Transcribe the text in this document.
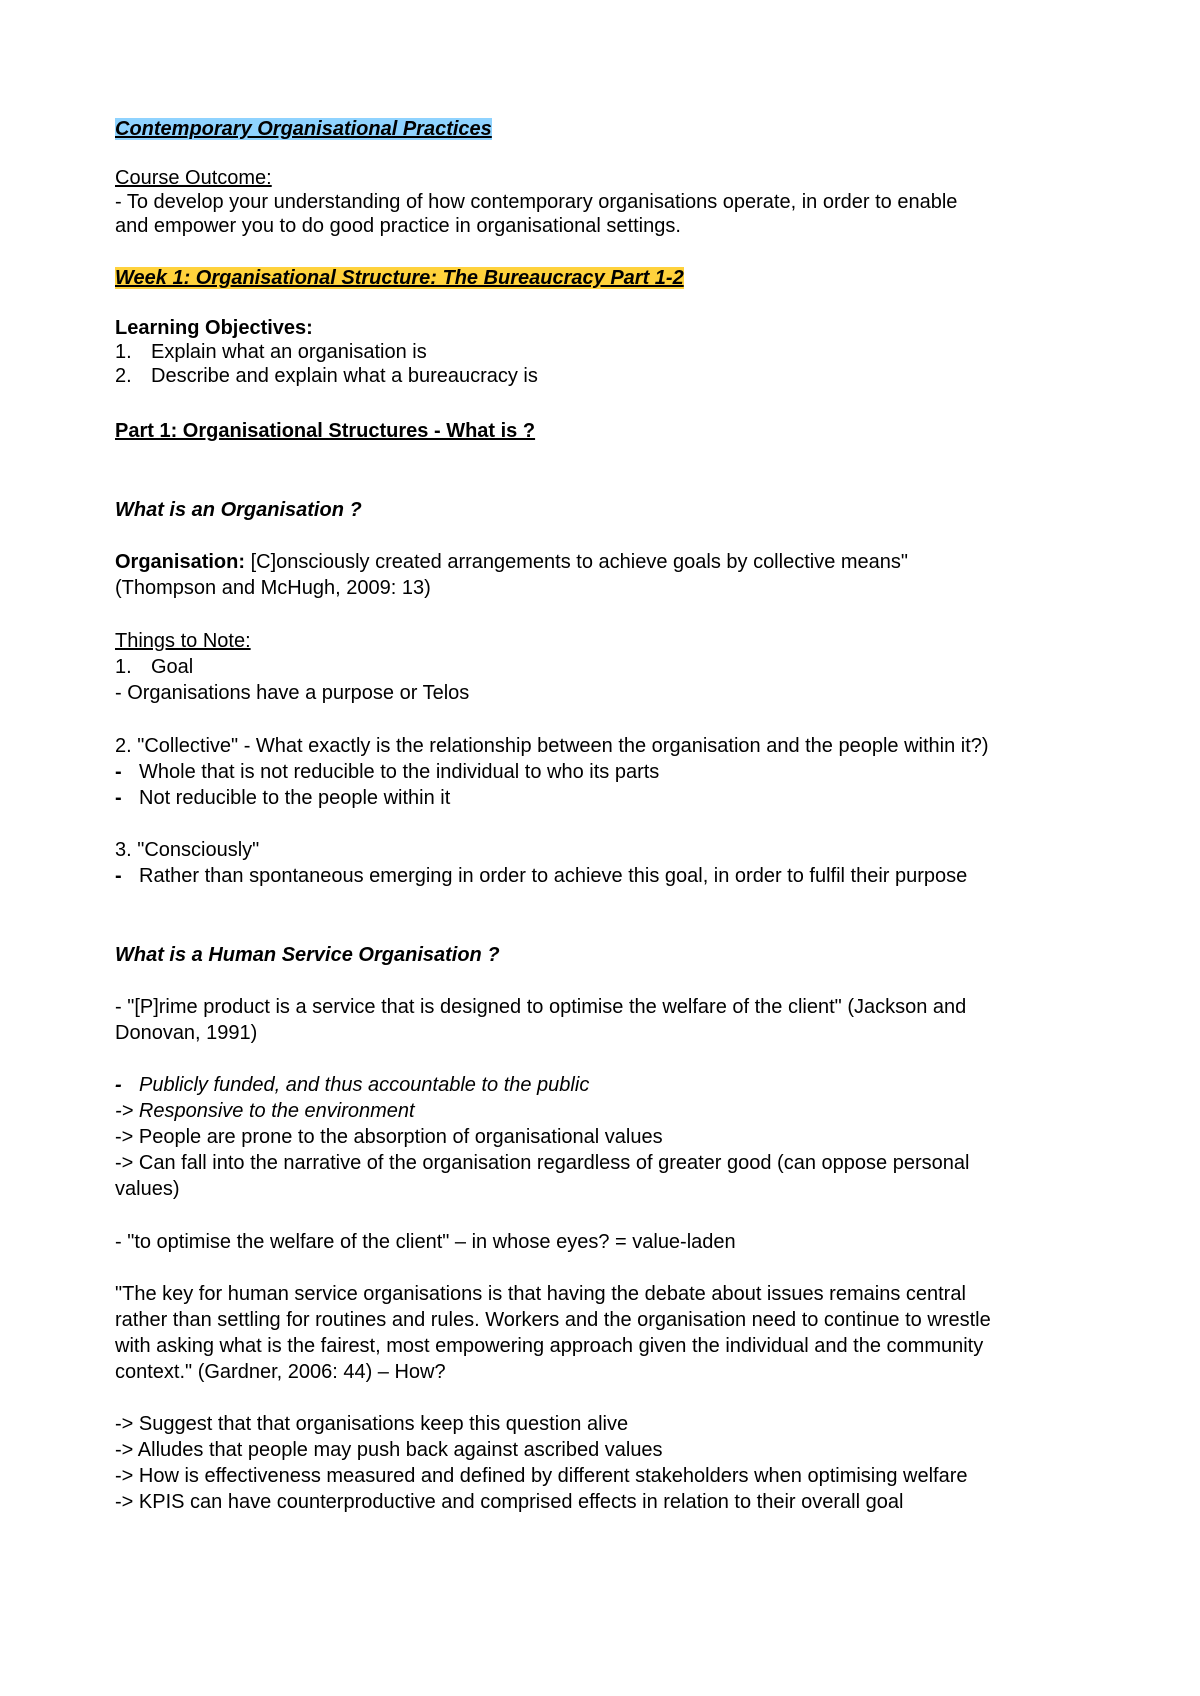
Contemporary Organisational Practices

Course Outcome:

- To develop your understanding of how contemporary organisations operate, in order to enable

and empower you to do good practice in organisational settings.

Week 1: Organisational Structure: The Bureaucracy Part 1-2

Learning Objectives:

1. Explain what an organisation is

2. Describe and explain what a bureaucracy is

Part 1: Organisational Structures - What is ?

What is an Organisation ?

Organisation: [C]onsciously created arrangements to achieve goals by collective means"

(Thompson and McHugh, 2009: 13)

Things to Note:

1. Goal

- Organisations have a purpose or Telos

2. "Collective" - What exactly is the relationship between the organisation and the people within it?)

- Whole that is not reducible to the individual to who its parts

- Not reducible to the people within it

3. "Consciously"

- Rather than spontaneous emerging in order to achieve this goal, in order to fulfil their purpose

What is a Human Service Organisation ?

- "[P]rime product is a service that is designed to optimise the welfare of the client" (Jackson and

Donovan, 1991)

- Publicly funded, and thus accountable to the public

-> Responsive to the environment

-> People are prone to the absorption of organisational values

-> Can fall into the narrative of the organisation regardless of greater good (can oppose personal

values)

- "to optimise the welfare of the client" – in whose eyes? = value-laden

"The key for human service organisations is that having the debate about issues remains central

rather than settling for routines and rules. Workers and the organisation need to continue to wrestle

with asking what is the fairest, most empowering approach given the individual and the community

context." (Gardner, 2006: 44) – How?

-> Suggest that that organisations keep this question alive

-> Alludes that people may push back against ascribed values

-> How is effectiveness measured and defined by different stakeholders when optimising welfare

-> KPIS can have counterproductive and comprised effects in relation to their overall goal
